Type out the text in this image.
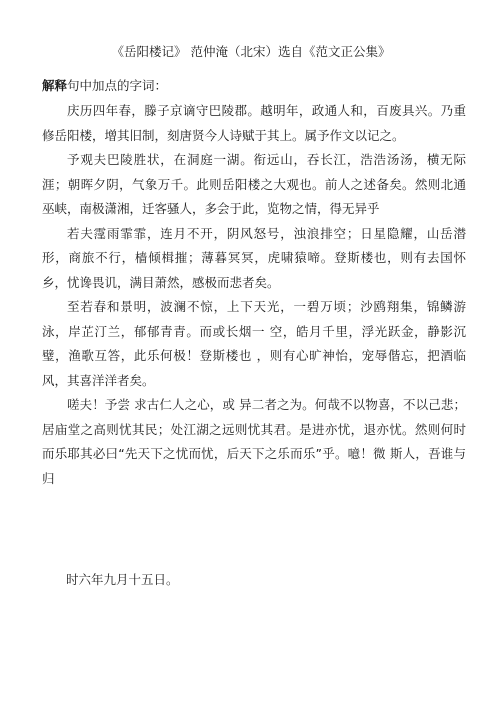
《岳阳楼记》 范仲淹（北宋）选自《范文正公集》
解释句中加点的字词：

庆历四年春，滕子京谪守巴陵郡。越明年，政通人和，百废具兴。乃重修岳阳楼，增其旧制，刻唐贤今人诗赋于其上。属予作文以记之。

予观夫巴陵胜状，在洞庭一湖。衔远山，吞长江，浩浩汤汤，横无际涯；朝晖夕阴，气象万千。此则岳阳楼之大观也。前人之述备矣。然则北通巫峡，南极潇湘，迁客骚人，多会于此，览物之情，得无异乎

若夫霪雨霏霏，连月不开，阴风怒号，浊浪排空；日星隐耀，山岳潜形，商旅不行，樯倾楫摧；薄暮冥冥，虎啸猿啼。登斯楼也，则有去国怀乡，忧谗畏讥，满目萧然，感极而悲者矣。

至若春和景明，波澜不惊，上下天光，一碧万顷；沙鸥翔集，锦鳞游泳，岸芷汀兰，郁郁青青。而或长烟一 空，皓月千里，浮光跃金，静影沉璧，渔歌互答，此乐何极！登斯楼也 ，则有心旷神怡，宠辱偕忘，把酒临风，其喜洋洋者矣。

嗟夫！予尝 求古仁人之心，或 异二者之为。何哉不以物喜，不以己悲；居庙堂之高则忧其民；处江湖之远则忧其君。是进亦忧，退亦忧。然则何时而乐耶其必曰“先天下之忧而忧，后天下之乐而乐”乎。噫！微 斯人，吾谁与归

时六年九月十五日。
